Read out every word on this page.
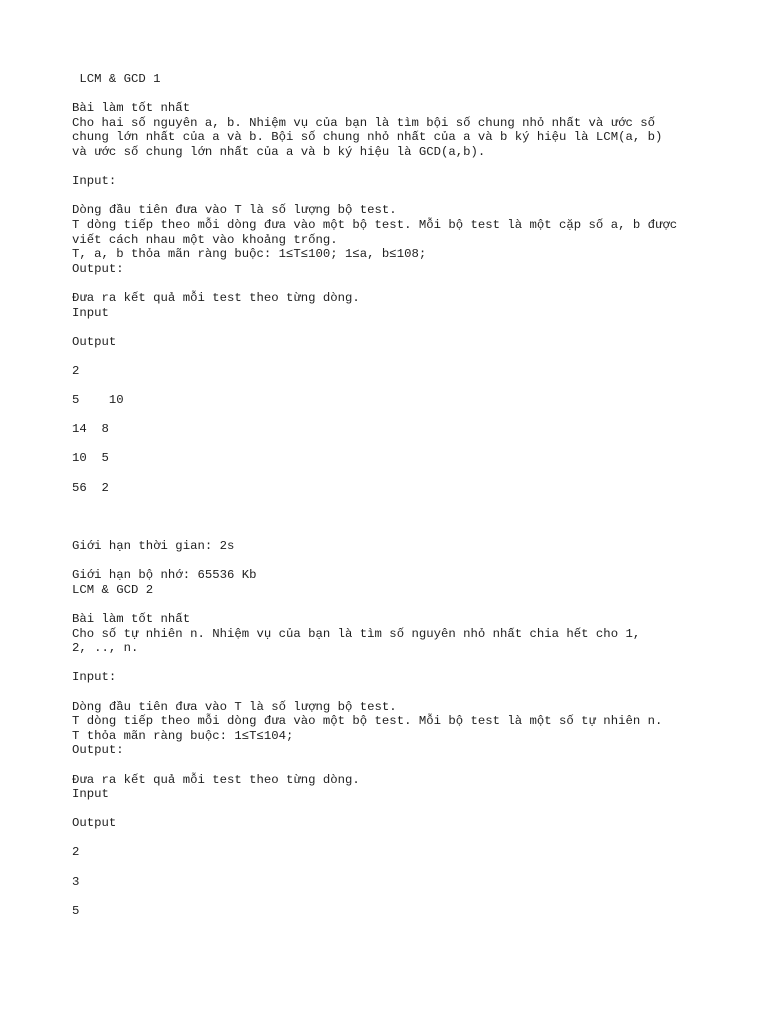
LCM & GCD 1
Bài làm tốt nhất
Cho hai số nguyên a, b. Nhiệm vụ của bạn là tìm bội số chung nhỏ nhất và ước số
chung lớn nhất của a và b. Bội số chung nhỏ nhất của a và b ký hiệu là LCM(a, b)
và ước số chung lớn nhất của a và b ký hiệu là GCD(a,b).
Input:
Dòng đầu tiên đưa vào T là số lượng bộ test.
T dòng tiếp theo mỗi dòng đưa vào một bộ test. Mỗi bộ test là một cặp số a, b được
viết cách nhau một vào khoảng trống.
T, a, b thỏa mãn ràng buộc: 1≤T≤100; 1≤a, b≤108;
Output:
Đưa ra kết quả mỗi test theo từng dòng.
Input
Output
2
5    10
14  8
10  5
56  2
Giới hạn thời gian: 2s
Giới hạn bộ nhớ: 65536 Kb
LCM & GCD 2
Bài làm tốt nhất
Cho số tự nhiên n. Nhiệm vụ của bạn là tìm số nguyên nhỏ nhất chia hết cho 1,
2, .., n.
Input:
Dòng đầu tiên đưa vào T là số lượng bộ test.
T dòng tiếp theo mỗi dòng đưa vào một bộ test. Mỗi bộ test là một số tự nhiên n.
T thỏa mãn ràng buộc: 1≤T≤104;
Output:
Đưa ra kết quả mỗi test theo từng dòng.
Input
Output
2
3
5
